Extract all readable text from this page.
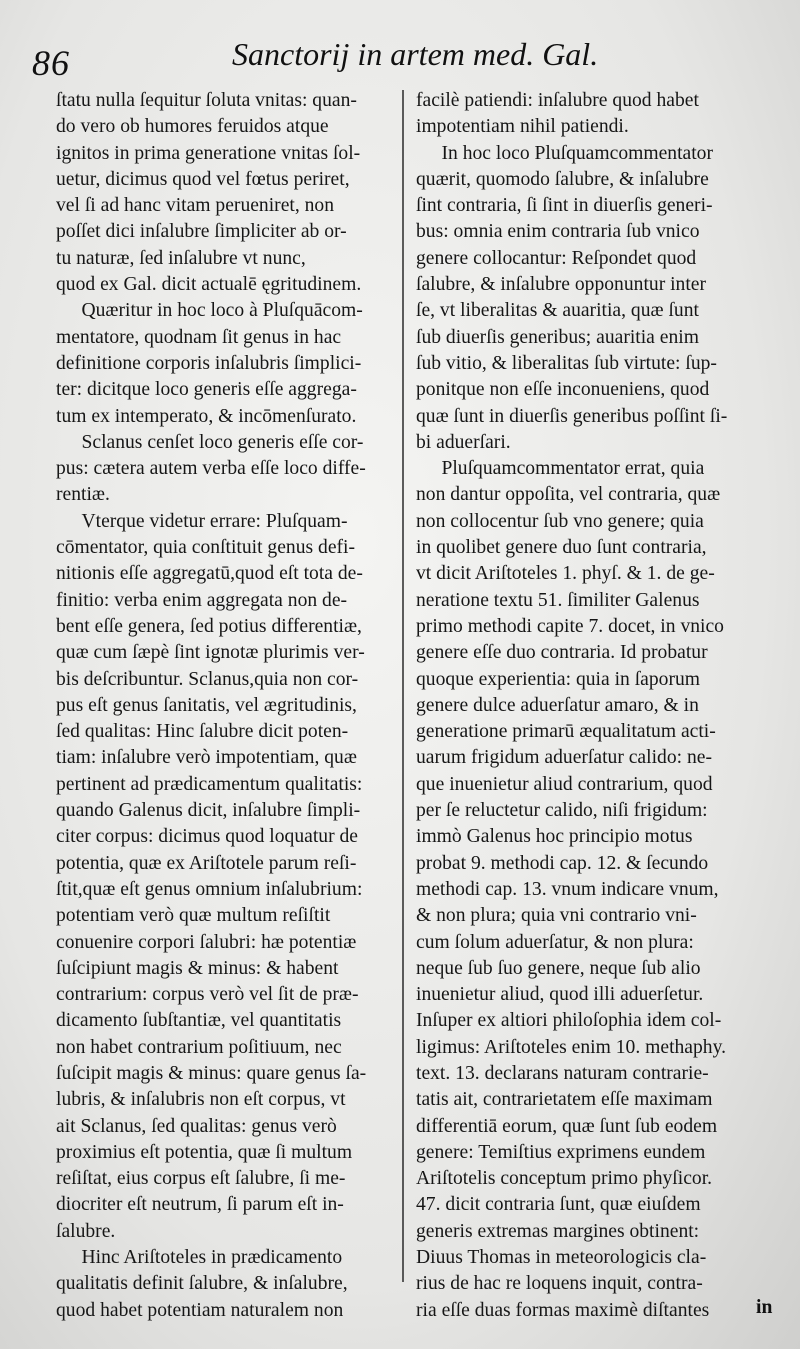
86	Sanctorij in artem med. Gal.
ſtatu nulla ſequitur ſoluta vnitas: quan-
do vero ob humores feruidos atque
ignitos in prima generatione vnitas ſol-
uetur, dicimus quod vel fœtus periret,
vel ſi ad hanc vitam perueniret, non
poſſet dici inſalubre ſimpliciter ab or-
tu naturæ, ſed inſalubre vt nunc,
quod ex Gal. dicit actualē ęgritudinem.
Quæritur in hoc loco à Pluſquācom-
mentatore, quodnam ſit genus in hac
definitione corporis inſalubris ſimplici-
ter: dicitque loco generis eſſe aggrega-
tum ex intemperato, & incōmenſurato.
Sclanus cenſet loco generis eſſe cor-
pus: cætera autem verba eſſe loco diffe-
rentiæ.
Vterque videtur errare: Pluſquam-
cōmentator, quia conſtituit genus defi-
nitionis eſſe aggregatū,quod eſt tota de-
finitio: verba enim aggregata non de-
bent eſſe genera, ſed potius differentiæ,
quæ cum ſæpè ſint ignotæ plurimis ver-
bis deſcribuntur. Sclanus,quia non cor-
pus eſt genus ſanitatis, vel ægritudinis,
ſed qualitas: Hinc ſalubre dicit poten-
tiam: inſalubre verò impotentiam, quæ
pertinent ad prædicamentum qualitatis:
quando Galenus dicit, inſalubre ſimpli-
citer corpus: dicimus quod loquatur de
potentia, quæ ex Ariſtotele parum reſi-
ſtit,quæ eſt genus omnium inſalubrium:
potentiam verò quæ multum reſiſtit
conuenire corpori ſalubri: hæ potentiæ
ſuſcipiunt magis & minus: & habent
contrarium: corpus verò vel ſit de præ-
dicamento ſubſtantiæ, vel quantitatis
non habet contrarium poſitiuum, nec
ſuſcipit magis & minus: quare genus ſa-
lubris, & inſalubris non eſt corpus, vt
ait Sclanus, ſed qualitas: genus verò
proximius eſt potentia, quæ ſi multum
reſiſtat, eius corpus eſt ſalubre, ſi me-
diocriter eſt neutrum, ſi parum eſt in-
ſalubre.
Hinc Ariſtoteles in prædicamento
qualitatis definit ſalubre, & inſalubre,
quod habet potentiam naturalem non
facilè patiendi: inſalubre quod habet
impotentiam nihil patiendi.
In hoc loco Pluſquamcommentator
quærit, quomodo ſalubre, & inſalubre
ſint contraria, ſi ſint in diuerſis generi-
bus: omnia enim contraria ſub vnico
genere collocantur: Reſpondet quod
ſalubre, & inſalubre opponuntur inter
ſe, vt liberalitas & auaritia, quæ ſunt
ſub diuerſis generibus; auaritia enim
ſub vitio, & liberalitas ſub virtute: ſup-
ponitque non eſſe inconueniens, quod
quæ ſunt in diuerſis generibus poſſint ſi-
bi aduerſari.
Pluſquamcommentator errat, quia
non dantur oppoſita, vel contraria, quæ
non collocentur ſub vno genere; quia
in quolibet genere duo ſunt contraria,
vt dicit Ariſtoteles 1. phyſ. & 1. de ge-
neratione textu 51. ſimiliter Galenus
primo methodi capite 7. docet, in vnico
genere eſſe duo contraria. Id probatur
quoque experientia: quia in ſaporum
genere dulce aduerſatur amaro, & in
generatione primarū æqualitatum acti-
uarum frigidum aduerſatur calido: ne-
que inuenietur aliud contrarium, quod
per ſe reluctetur calido, niſi frigidum:
immò Galenus hoc principio motus
probat 9. methodi cap. 12. & ſecundo
methodi cap. 13. vnum indicare vnum,
& non plura; quia vni contrario vni-
cum ſolum aduerſatur, & non plura:
neque ſub ſuo genere, neque ſub alio
inuenietur aliud, quod illi aduerſetur.
Inſuper ex altiori philoſophia idem col-
ligimus: Ariſtoteles enim 10. methaphy.
text. 13. declarans naturam contrarie-
tatis ait, contrarietatem eſſe maximam
differentiā eorum, quæ ſunt ſub eodem
genere: Temiſtius exprimens eundem
Ariſtotelis conceptum primo phyſicor.
47. dicit contraria ſunt, quæ eiuſdem
generis extremas margines obtinent:
Diuus Thomas in meteorologicis cla-
rius de hac re loquens inquit, contra-
ria eſſe duas formas maximè diſtantes	in
